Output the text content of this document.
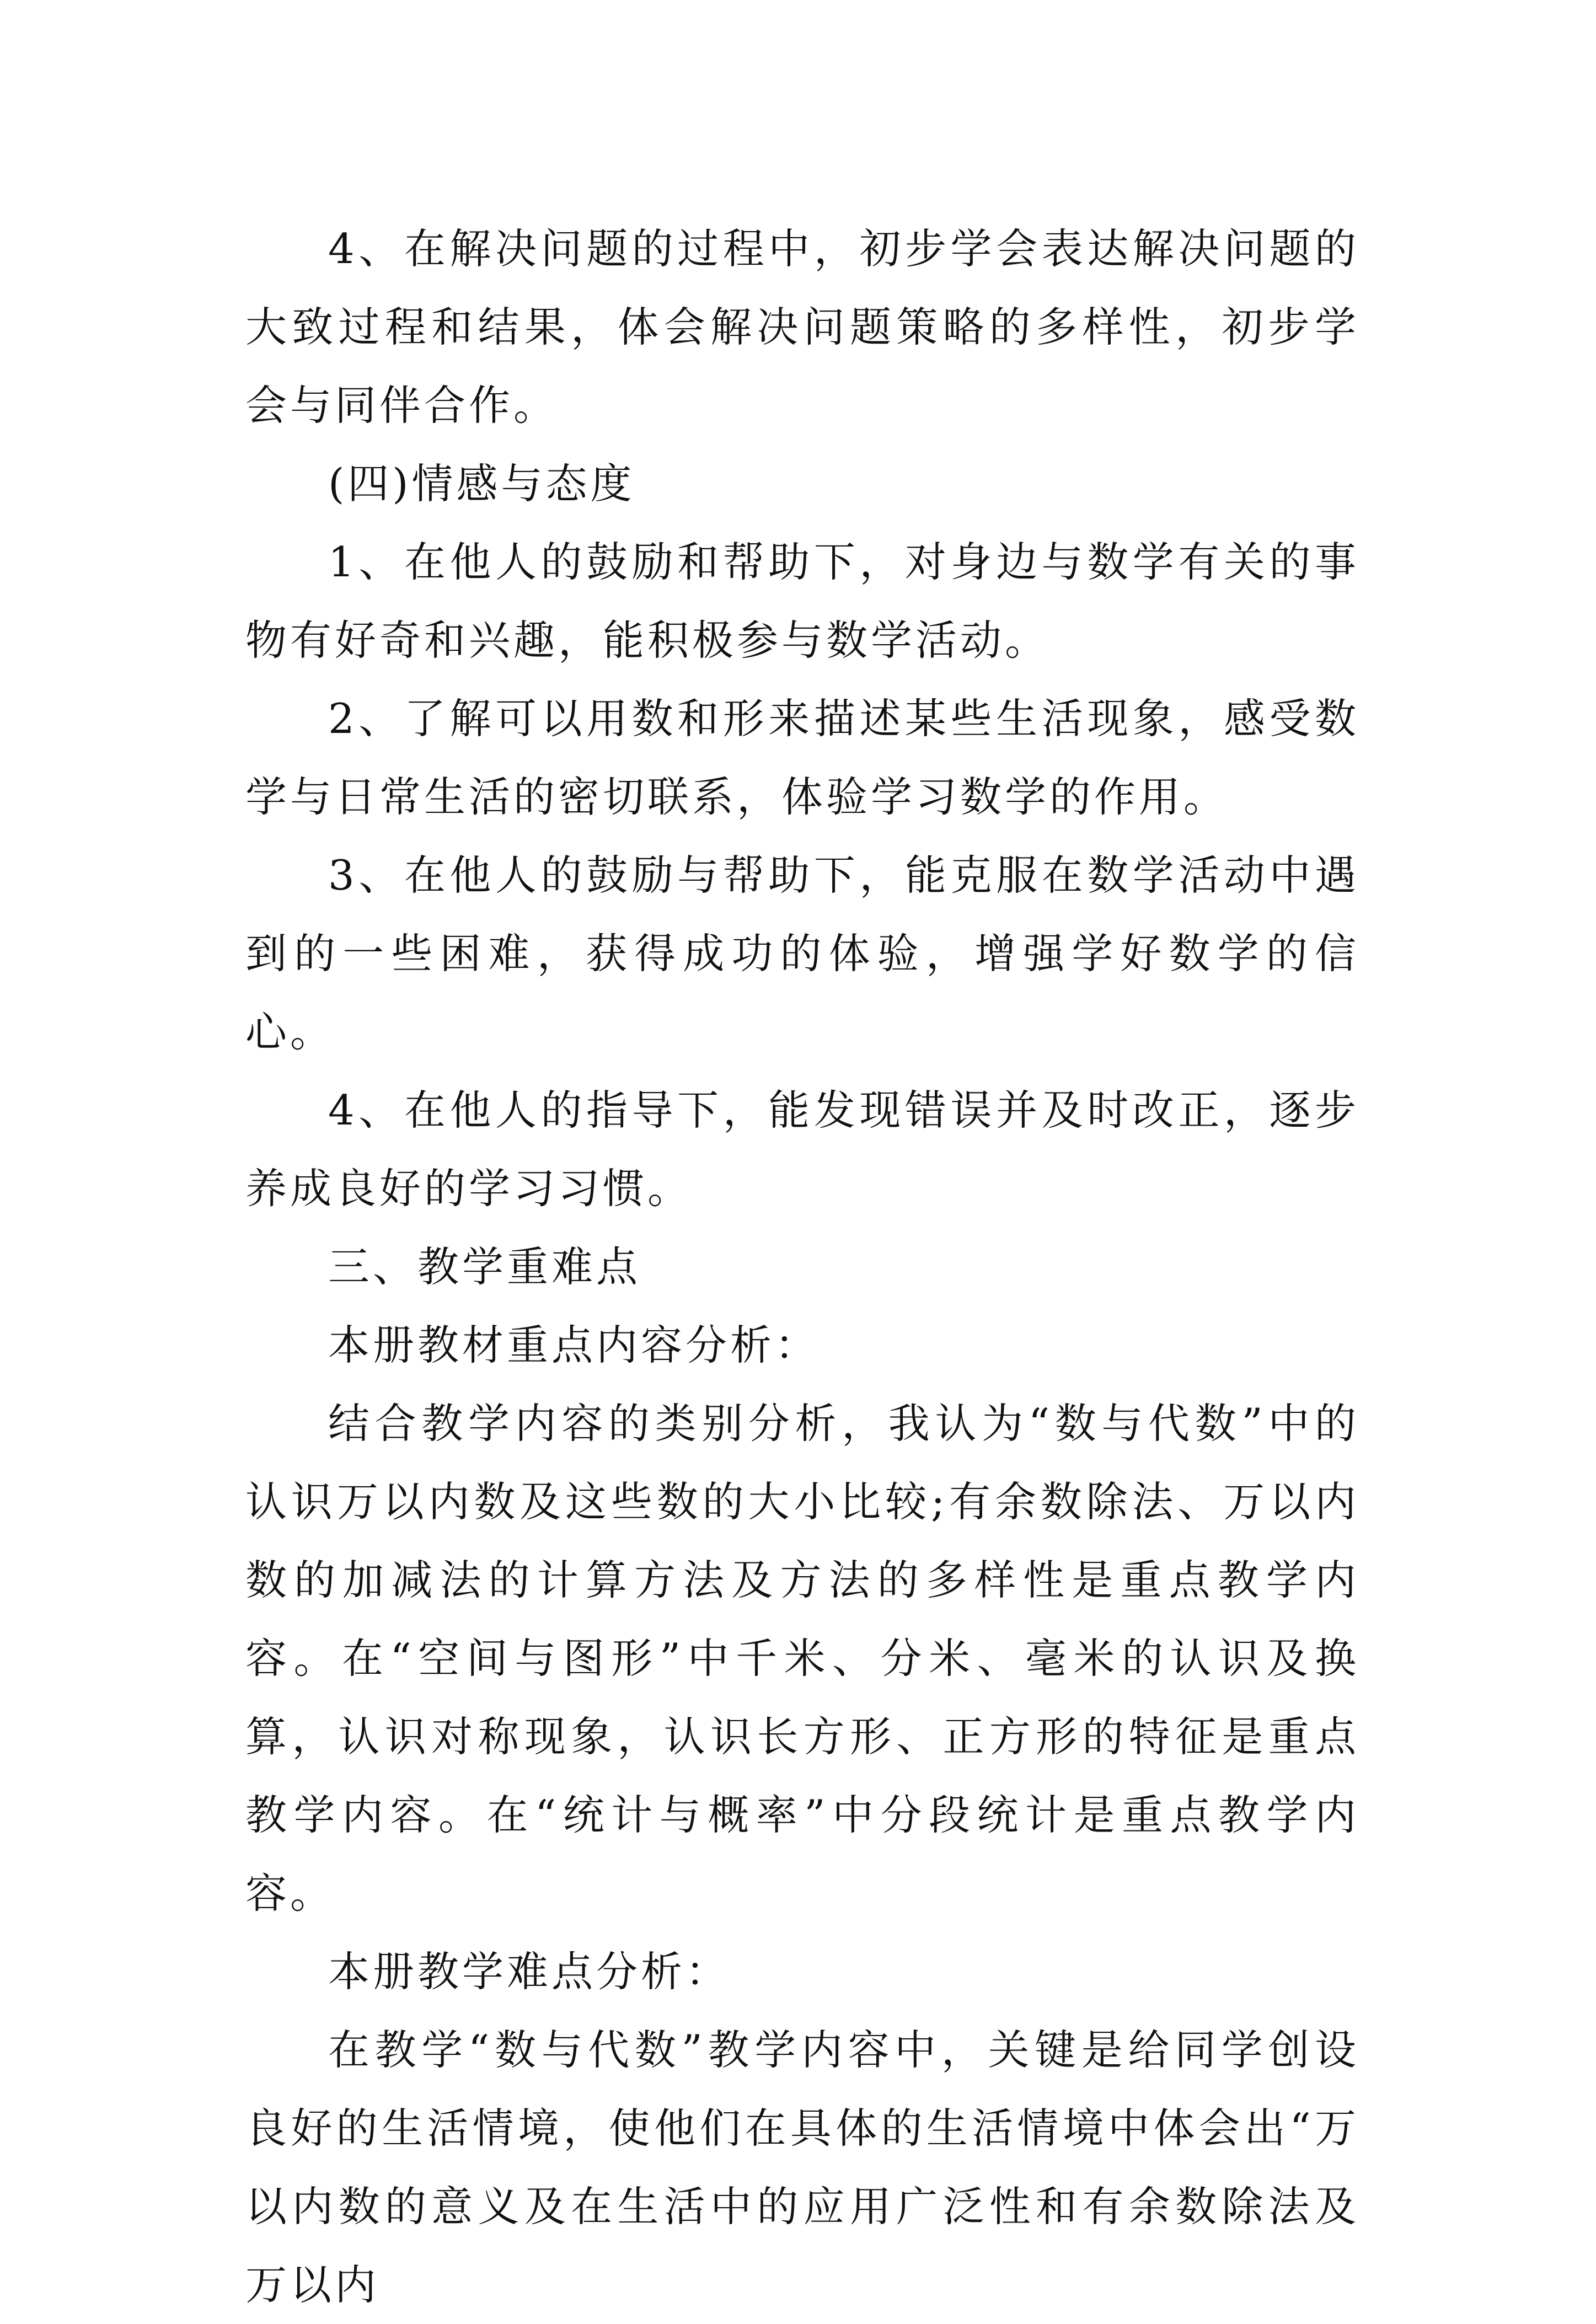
4、在解决问题的过程中，初步学会表达解决问题的大致过程和结果，体会解决问题策略的多样性，初步学会与同伴合作。

(四)情感与态度

1、在他人的鼓励和帮助下，对身边与数学有关的事物有好奇和兴趣，能积极参与数学活动。

2、了解可以用数和形来描述某些生活现象，感受数学与日常生活的密切联系，体验学习数学的作用。

3、在他人的鼓励与帮助下，能克服在数学活动中遇到的一些困难，获得成功的体验，增强学好数学的信心。

4、在他人的指导下，能发现错误并及时改正，逐步养成良好的学习习惯。

三、教学重难点

本册教材重点内容分析：

结合教学内容的类别分析，我认为“数与代数”中的认识万以内数及这些数的大小比较;有余数除法、万以内数的加减法的计算方法及方法的多样性是重点教学内容。在“空间与图形”中千米、分米、毫米的认识及换算，认识对称现象，认识长方形、正方形的特征是重点教学内容。在“统计与概率”中分段统计是重点教学内容。

本册教学难点分析：

在教学“数与代数”教学内容中，关键是给同学创设良好的生活情境，使他们在具体的生活情境中体会出“万以内数的意义及在生活中的应用广泛性和有余数除法及万以内
